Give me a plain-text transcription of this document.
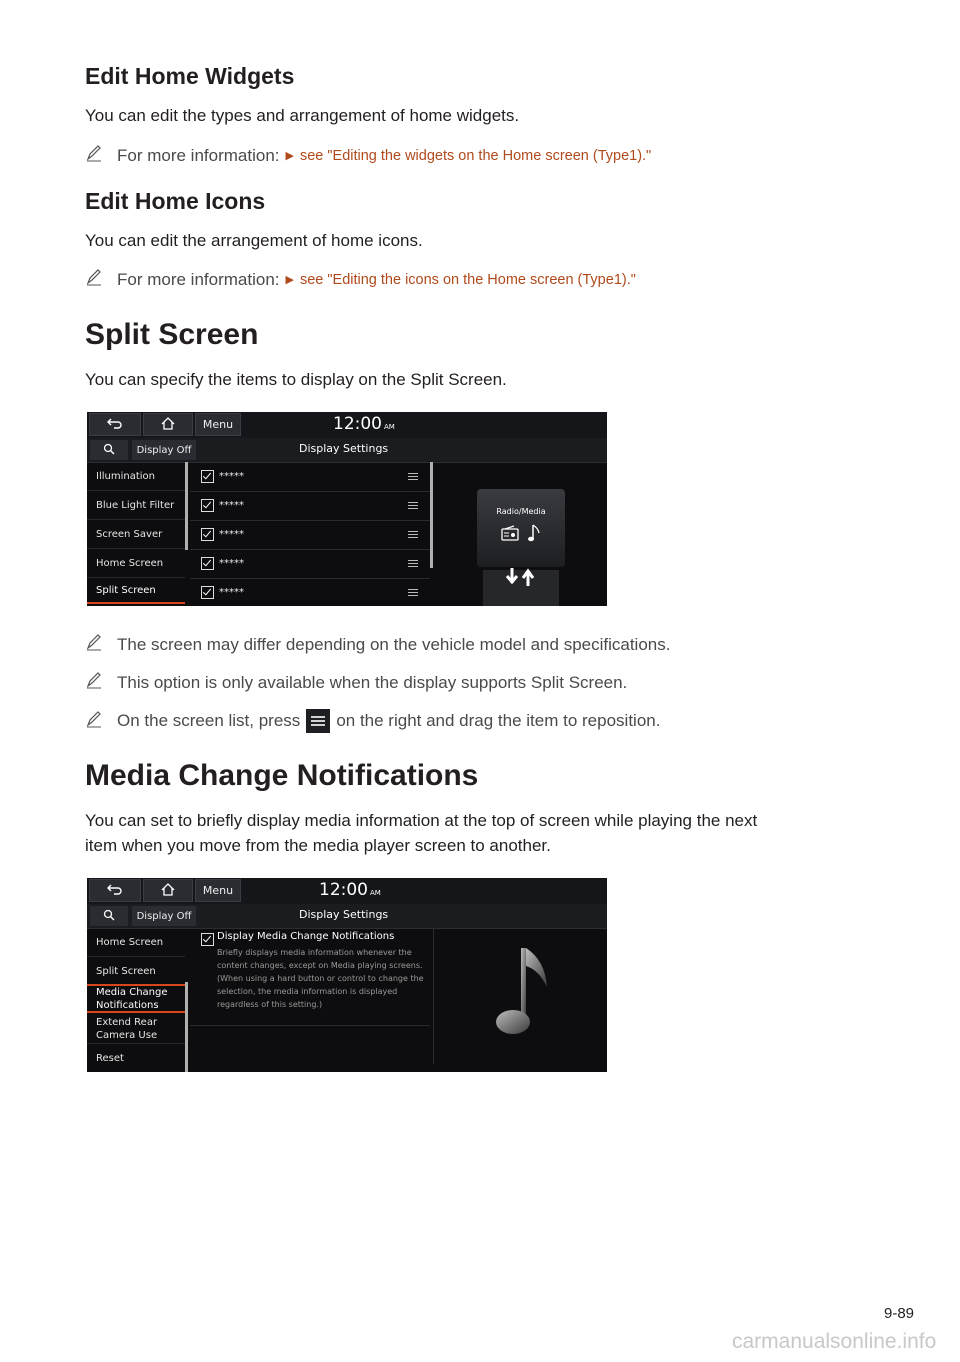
Edit Home Widgets
You can edit the types and arrangement of home widgets.
For more information: ▶ see "Editing the widgets on the Home screen (Type1)."
Edit Home Icons
You can edit the arrangement of home icons.
For more information: ▶ see "Editing the icons on the Home screen (Type1)."
Split Screen
You can specify the items to display on the Split Screen.
Menu	12:00 AM
Display Off	Display Settings
Illumination
Blue Light Filter
Screen Saver
Home Screen
Split Screen
*****
*****
*****
*****
*****
Radio/Media
The screen may differ depending on the vehicle model and specifications.
This option is only available when the display supports Split Screen.
On the screen list, press on the right and drag the item to reposition.
Media Change Notifications
You can set to briefly display media information at the top of screen while playing the next
item when you move from the media player screen to another.
Menu	12:00 AM
Display Off	Display Settings
Home Screen
Split Screen
Media Change
Notifications
Extend Rear
Camera Use
Reset
Display Media Change Notifications
Briefly displays media information whenever the content changes, except on Media playing screens. (When using a hard button or control to change the selection, the media information is displayed regardless of this setting.)
9-89
carmanualsonline.info
